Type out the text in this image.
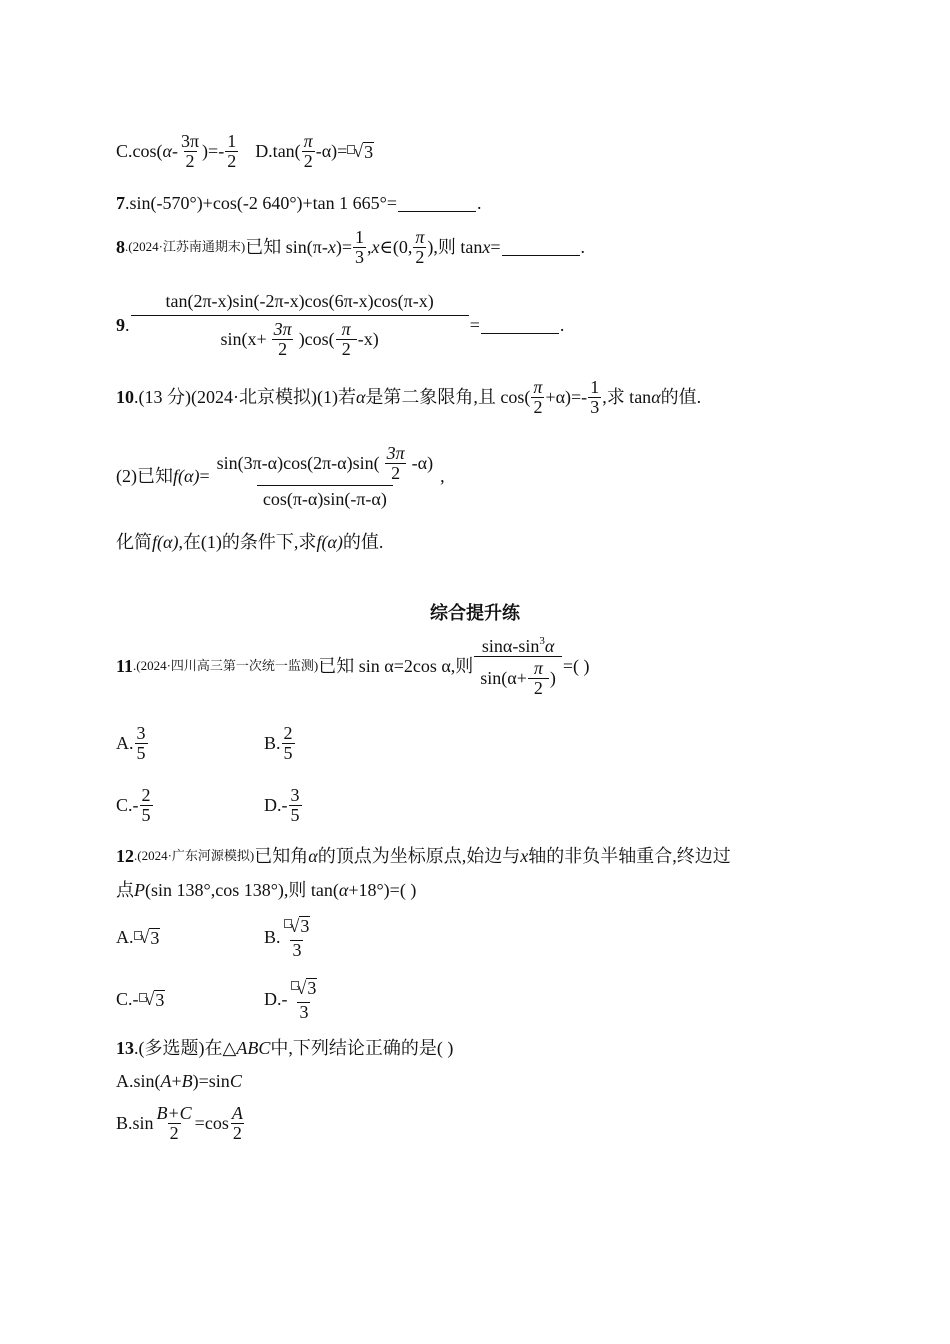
C.cos( α - $\frac{3\pi}{2}$ )=- $\frac{1}{2} D.\tan( \frac{\pi}{2} -\alpha)=$ √ 3
7 .sin(-570°)+cos(-2 640°)+tan 1 665°=	.
8 .(2024·江苏南通期末) 已知 sin(π- x )= $\frac{1}{3}$ , x ∈(0, $\frac{\pi}{2}$ ),则 tan x =	.
9 . $\frac{\tan(2\pi-x)\sin(-2\pi-x)\cos(6\pi-x)\cos(\pi-x)}{\sin(x+ \frac{3\pi}{2} )\cos( \frac{\pi}{2} -x)}$ =	.
10 .(13 分)(2024·北京模拟)(1)若 α 是第二象限角,且 $\cos( \frac{\pi}{2} +\alpha)=- \frac{1}{3}$ ,求 tan α 的值.
(2)已知 $f(\alpha) = \frac{\sin(3\pi-\alpha)\cos(2\pi-\alpha)\sin( \frac{3\pi}{2} -\alpha)}{\cos(\pi-\alpha)\sin(-\pi-\alpha)}$ ,
化简 f(α) ,在(1)的条件下,求 f(α) 的值.
综合提升练
11 .(2024·四川高三第一次统一监测) 已知 sin α=2cos α,则 $\frac{\sin\alpha-\sin^3\alpha}{\sin(\alpha+ \frac{\pi}{2} )}$ =( )
A. $\frac{3}{5}$	B. $\frac{2}{5}$
$C.- \frac{2}{5}$	$D.- \frac{3}{5}$
12 .(2024·广东河源模拟) 已知角 α 的顶点为坐标原点,始边与 x 轴的非负半轴重合,终边过
点 P (sin 138°,cos 138°),则 tan( α +18°)=( )
A. √ 3	B. $\frac{√ 3}{3}$
C.- √ 3	$D.- \frac{√ 3}{3}$
13 .(多选题)在△ ABC 中,下列结论正确的是( )
A.sin( A + B )=sin C
$B.\sin \frac{B+C}{2} =\cos \frac{A}{2}$
